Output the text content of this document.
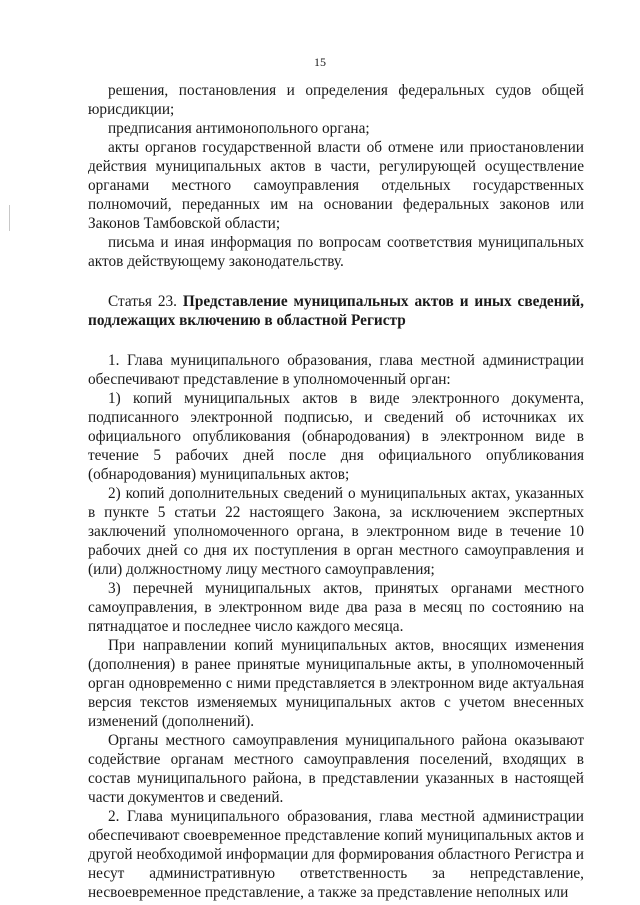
15

решения, постановления и определения федеральных судов общей юрисдикции;

предписания антимонопольного органа;

акты органов государственной власти об отмене или приостановлении действия муниципальных актов в части, регулирующей осуществление органами местного самоуправления отдельных государственных полномочий, переданных им на основании федеральных законов или Законов Тамбовской области;

письма и иная информация по вопросам соответствия муниципальных актов действующему законодательству.

Статья 23. Представление муниципальных актов и иных сведений, подлежащих включению в областной Регистр

1. Глава муниципального образования, глава местной администрации обеспечивают представление в уполномоченный орган:

1) копий муниципальных актов в виде электронного документа, подписанного электронной подписью, и сведений об источниках их официального опубликования (обнародования) в электронном виде в течение 5 рабочих дней после дня официального опубликования (обнародования) муниципальных актов;

2) копий дополнительных сведений о муниципальных актах, указанных в пункте 5 статьи 22 настоящего Закона, за исключением экспертных заключений уполномоченного органа, в электронном виде в течение 10 рабочих дней со дня их поступления в орган местного самоуправления и (или) должностному лицу местного самоуправления;

3) перечней муниципальных актов, принятых органами местного самоуправления, в электронном виде два раза в месяц по состоянию на пятнадцатое и последнее число каждого месяца.

При направлении копий муниципальных актов, вносящих изменения (дополнения) в ранее принятые муниципальные акты, в уполномоченный орган одновременно с ними представляется в электронном виде актуальная версия текстов изменяемых муниципальных актов с учетом внесенных изменений (дополнений).

Органы местного самоуправления муниципального района оказывают содействие органам местного самоуправления поселений, входящих в состав муниципального района, в представлении указанных в настоящей части документов и сведений.

2. Глава муниципального образования, глава местной администрации обеспечивают своевременное представление копий муниципальных актов и другой необходимой информации для формирования областного Регистра и несут административную ответственность за непредставление, несвоевременное представление, а также за представление неполных или
